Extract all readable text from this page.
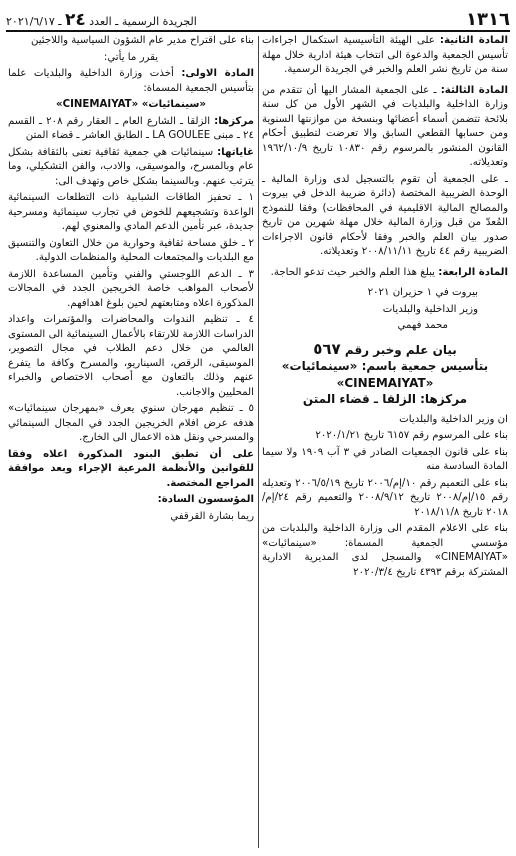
١٣١٦
الجريدة الرسمية ـ العدد ٢٤ ـ ٢٠٢١/٦/١٧

المادة الثانية: على الهيئة التأسيسية استكمال اجراءات تأسيس الجمعية والدعوة الى انتخاب هيئة ادارية خلال مهلة سنة من تاريخ نشر العلم والخبر في الجريدة الرسمية.

المادة الثالثة: ـ على الجمعية المشار اليها أن تتقدم من وزارة الداخلية والبلديات في الشهر الأول من كل سنة بلائحة تتضمن أسماء أعضائها وبنسخة من موازنتها السنوية ومن حسابها القطعي السابق والا تعرضت لتطبيق أحكام القانون المنشور بالمرسوم رقم ١٠٨٣٠ تاريخ ١٩٦٢/١٠/٩ وتعديلاته.

ـ على الجمعية أن تقوم بالتسجيل لدى وزارة المالية ـ الوحدة الضريبية المختصة (دائرة ضريبة الدخل في بيروت والمصالح المالية الاقليمية في المحافظات) وفقا للنموذج المُعدّ من قبل وزارة المالية خلال مهلة شهرين من تاريخ صدور بيان العلم والخبر وفقا لأحكام قانون الاجراءات الضريبية رقم ٤٤ تاريخ ٢٠٠٨/١١/١١ وتعديلاته.

المادة الرابعة: يبلغ هذا العلم والخبر حيث تدعو الحاجة.

بيروت في ١ حزيران ٢٠٢١

وزير الداخلية والبلديات

محمد فهمي

بيان علم وخبر رقم ٥٦٧

بتأسيس جمعية باسم: «سينمائيات»

«CINEMAIYAT»

مركزها: الزلقا ـ قضاء المتن

ان وزير الداخلية والبلديات

بناء على المرسوم رقم ٦١٥٧ تاريخ ٢٠٢٠/١/٢١

بناء على قانون الجمعيات الصادر في ٣ آب ١٩٠٩ ولا سيما المادة السادسة منه

بناء على التعميم رقم ١٠/إم/٢٠٠٦ تاريخ ٢٠٠٦/٥/١٩ وتعديله رقم ١٥/إم/٢٠٠٨ تاريخ ٢٠٠٨/٩/١٢ والتعميم رقم ٢٤/إم/٢٠١٨ تاريخ ٢٠١٨/١١/٨

بناء على الاعلام المقدم الى وزارة الداخلية والبلديات من مؤسسي الجمعية المسماة: «سينمائيات» «CINEMAIYAT» والمسجل لدى المديرية الادارية المشتركة برقم ٤٣٩٣ تاريخ ٢٠٢٠/٣/٤

بناء على اقتراح مدير عام الشؤون السياسية واللاجئين

يقرر ما يأتي:

المادة الاولى: أخذت وزارة الداخلية والبلديات علما بتأسيس الجمعية المسماة:

«سينمائيات» «CINEMAIYAT»

مركزها: الزلقا ـ الشارع العام ـ العقار رقم ٢٠٨ ـ القسم ٢٤ ـ مبنى LA GOULEE ـ الطابق العاشر ـ قضاء المتن

غاياتها: سينمائيات هي جمعية ثقافية تعنى بالثقافة بشكل عام وبالمسرح، والموسيقى، والادب، والفن التشكيلي، وما يترتب عنهم. وبالسينما بشكل خاص وتهدف الى:

١ ـ تحفيز الطاقات الشبابية ذات التطلعات السينمائية الواعدة وتشجيعهم للخوض في تجارب سينمائية ومسرحية جديدة، عبر تأمين الدعم المادي والمعنوي لهم.

٢ ـ خلق مساحة ثقافية وحوارية من خلال التعاون والتنسيق مع البلديات والمجتمعات المحلية والمنظمات الدولية.

٣ ـ الدعم اللوجستي والفني وتأمين المساعدة اللازمة لأصحاب المواهب خاصة الخريجين الجدد في المجالات المذكورة اعلاه ومتابعتهم لحين بلوغ اهدافهم.

٤ ـ تنظيم الندوات والمحاضرات والمؤتمرات واعداد الدراسات اللازمة للارتقاء بالأعمال السينمائية الى المستوى العالمي من خلال دعم الطلاب في مجال التصوير، الموسيقى، الرقص، السيناريو، والمسرح وكافة ما يتفرع عنهم وذلك بالتعاون مع أصحاب الاختصاص والخبراء المحليين والاجانب.

٥ ـ تنظيم مهرجان سنوي يعرف «بمهرجان سينمائيات» هدفه عرض افلام الخريجين الجدد في المجال السينمائي والمسرحي ونقل هذه الاعمال الى الخارج.

على أن تطبق البنود المذكورة اعلاه وفقا للقوانين والأنظمة المرعية الإجراء وبعد موافقة المراجع المختصة.

المؤسسون السادة:

ريما بشارة القرقفي
